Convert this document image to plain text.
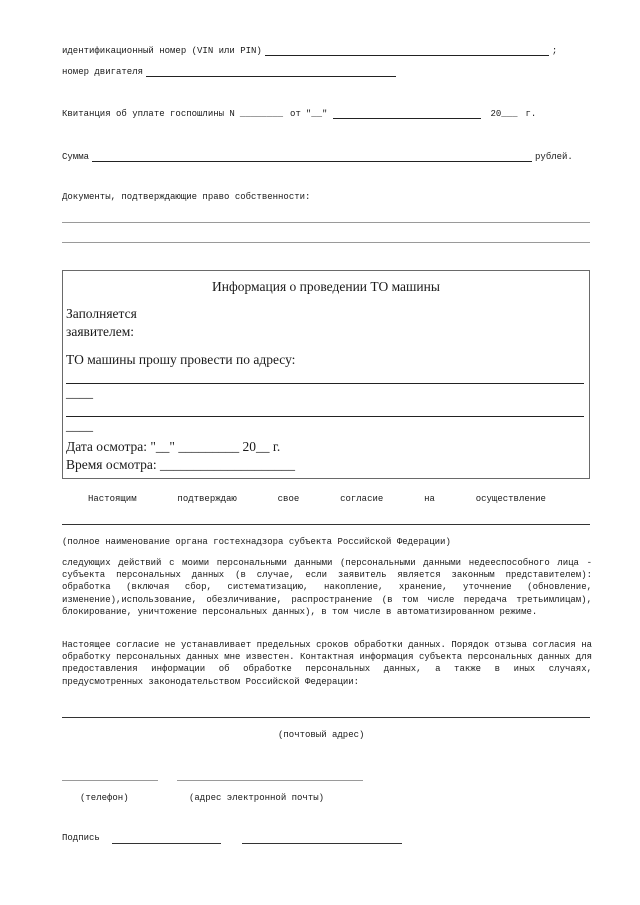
идентификационный номер (VIN или PIN)	;
номер двигателя
Квитанция об уплате госпошлины N ________ от "__"	20___ г.
Сумма	рублей.
Документы, подтверждающие право собственности:
Информация о проведении ТО машины
Заполняется
заявителем:
ТО машины прошу провести по адресу:
____
____
Дата осмотра: "__" _________ 20__ г.
Время осмотра: ____________________
Настоящим	подтверждаю	свое	согласие	на	осуществление
(полное наименование органа гостехнадзора субъекта Российской Федерации)
следующих действий с моими персональными данными (персональными данными недееспособного лица - субъекта персональных данных (в случае, если заявитель является законным представителем): обработка (включая сбор, систематизацию, накопление, хранение, уточнение (обновление, изменение),использование, обезличивание, распространение (в том числе передача третьимлицам), блокирование, уничтожение персональных данных), в том числе в автоматизированном режиме.
Настоящее согласие не устанавливает предельных сроков обработки данных. Порядок отзыва согласия на обработку персональных данных мне известен. Контактная информация субъекта персональных данных для предоставления информации об обработке персональных данных, а также в иных случаях, предусмотренных законодательством Российской Федерации:
(почтовый адрес)
(телефон)	(адрес электронной почты)
Подпись
